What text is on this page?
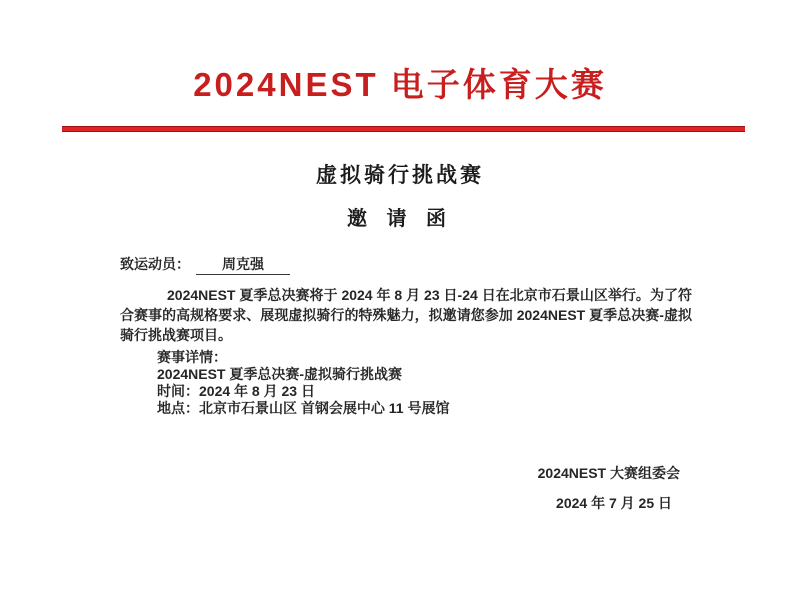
2024NEST 电子体育大赛
虚拟骑行挑战赛
邀 请 函
致运动员： 周克强

2024NEST 夏季总决赛将于 2024 年 8 月 23 日-24 日在北京市石景山区举行。为了符合赛事的高规格要求、展现虚拟骑行的特殊魅力，拟邀请您参加 2024NEST 夏季总决赛-虚拟骑行挑战赛项目。

赛事详情：
2024NEST 夏季总决赛-虚拟骑行挑战赛
时间：2024 年 8 月 23 日
地点：北京市石景山区 首钢会展中心 11 号展馆
2024NEST 大赛组委会
2024 年 7 月 25 日
